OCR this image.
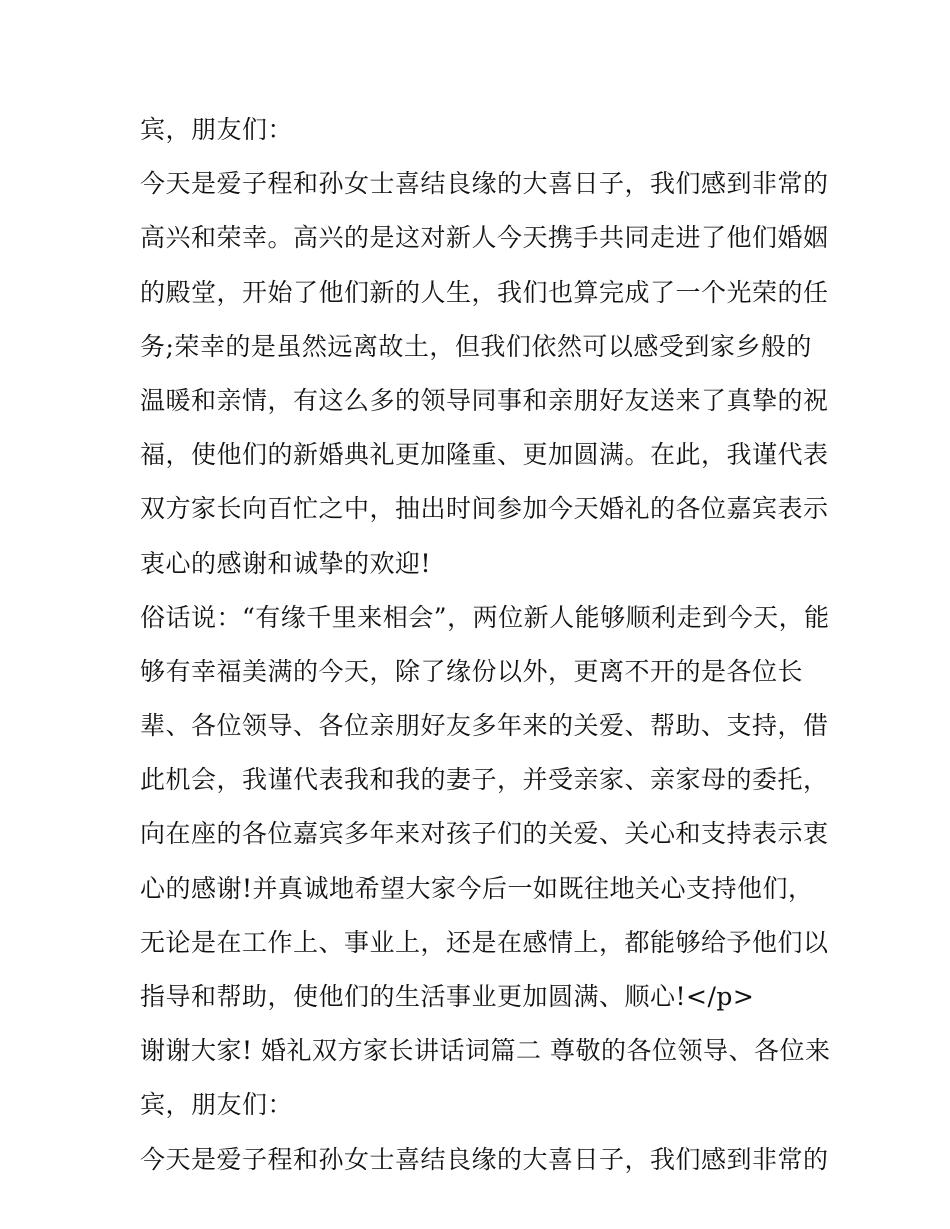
宾，朋友们：
今天是爱子程和孙女士喜结良缘的大喜日子，我们感到非常的
高兴和荣幸。高兴的是这对新人今天携手共同走进了他们婚姻
的殿堂，开始了他们新的人生，我们也算完成了一个光荣的任
务;荣幸的是虽然远离故土，但我们依然可以感受到家乡般的
温暖和亲情，有这么多的领导同事和亲朋好友送来了真挚的祝
福，使他们的新婚典礼更加隆重、更加圆满。在此，我谨代表
双方家长向百忙之中，抽出时间参加今天婚礼的各位嘉宾表示
衷心的感谢和诚挚的欢迎!
俗话说：“有缘千里来相会”，两位新人能够顺利走到今天，能
够有幸福美满的今天，除了缘份以外，更离不开的是各位长
辈、各位领导、各位亲朋好友多年来的关爱、帮助、支持，借
此机会，我谨代表我和我的妻子，并受亲家、亲家母的委托，
向在座的各位嘉宾多年来对孩子们的关爱、关心和支持表示衷
心的感谢!并真诚地希望大家今后一如既往地关心支持他们，
无论是在工作上、事业上，还是在感情上，都能够给予他们以
指导和帮助，使他们的生活事业更加圆满、顺心!</p>
谢谢大家! 婚礼双方家长讲话词篇二 尊敬的各位领导、各位来
宾，朋友们：
今天是爱子程和孙女士喜结良缘的大喜日子，我们感到非常的
